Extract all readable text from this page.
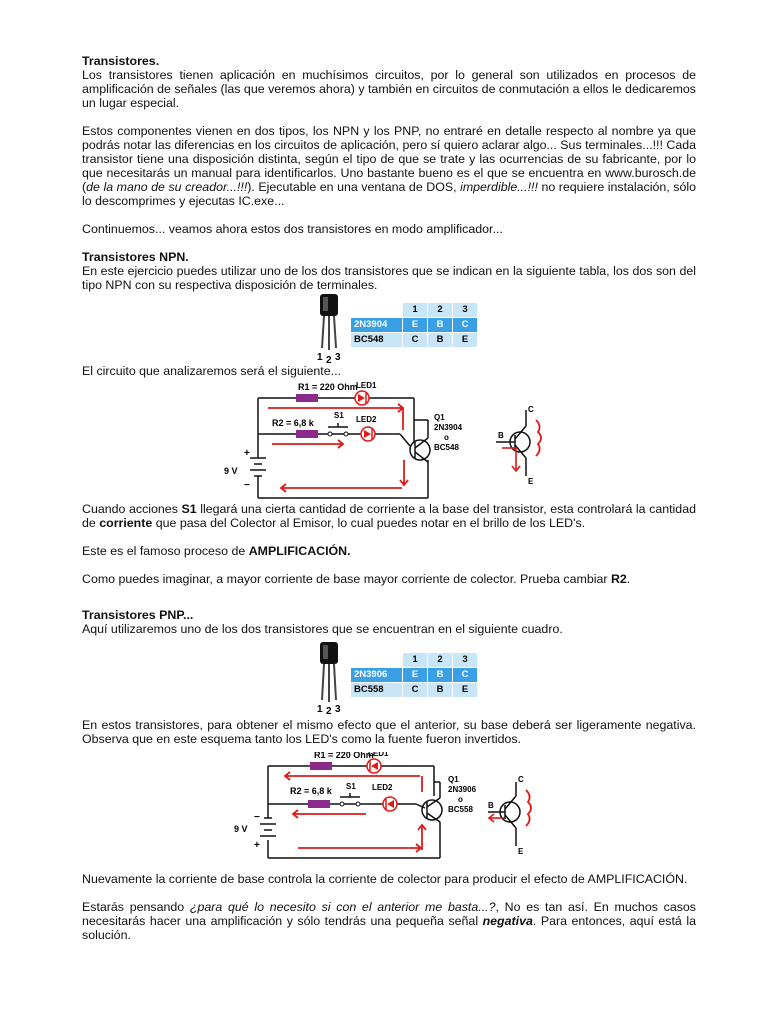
Transistores.

Los transistores tienen aplicación en muchísimos circuitos, por lo general son utilizados en procesos de amplificación de señales (las que veremos ahora) y también en circuitos de conmutación a ellos le dedicaremos un lugar especial.

Estos componentes vienen en dos tipos, los NPN y los PNP, no entraré en detalle respecto al nombre ya que podrás notar las diferencias en los circuitos de aplicación, pero sí quiero aclarar algo... Sus terminales...!!! Cada transistor tiene una disposición distinta, según el tipo de que se trate y las ocurrencias de su fabricante, por lo que necesitarás un manual para identificarlos. Uno bastante bueno es el que se encuentra en www.burosch.de (de la mano de su creador...!!!). Ejecutable en una ventana de DOS, imperdible...!!! no requiere instalación, sólo lo descomprimes y ejecutas IC.exe...

Continuemos... veamos ahora estos dos transistores en modo amplificador...

Transistores NPN.

En este ejercicio puedes utilizar uno de los dos transistores que se indican en la siguiente tabla, los dos son del tipo NPN con su respectiva disposición de terminales.

1 2 3
	1	2	3
2N3904	E	B	C
BC548	C	B	E

El circuito que analizaremos será el siguiente...

R1 = 220 Ohm
LED1
R2 = 6,8 k
S1 LED2	Q1
2N3904
o
BC548
+
9 V
−
C
B
E

Cuando acciones S1 llegará una cierta cantidad de corriente a la base del transistor, esta controlará la cantidad de corriente que pasa del Colector al Emisor, lo cual puedes notar en el brillo de los LED's.

Este es el famoso proceso de AMPLIFICACIÓN.

Como puedes imaginar, a mayor corriente de base mayor corriente de colector. Prueba cambiar R2.

Transistores PNP...

Aquí utilizaremos uno de los dos transistores que se encuentran en el siguiente cuadro.

1 2 3
	1	2	3
2N3906	E	B	C
BC558	C	B	E

En estos transistores, para obtener el mismo efecto que el anterior, su base deberá ser ligeramente negativa. Observa que en este esquema tanto los LED's como la fuente fueron invertidos.

R1 = 220 Ohm
LED1
R2 = 6,8 k S1 LED2
Q1
2N3906
o
BC558
−
9 V
+
C
B
E

Nuevamente la corriente de base controla la corriente de colector para producir el efecto de AMPLIFICACIÓN.

Estarás pensando ¿para qué lo necesito si con el anterior me basta...?, No es tan así. En muchos casos necesitarás hacer una amplificación y sólo tendrás una pequeña señal negativa. Para entonces, aquí está la solución.
